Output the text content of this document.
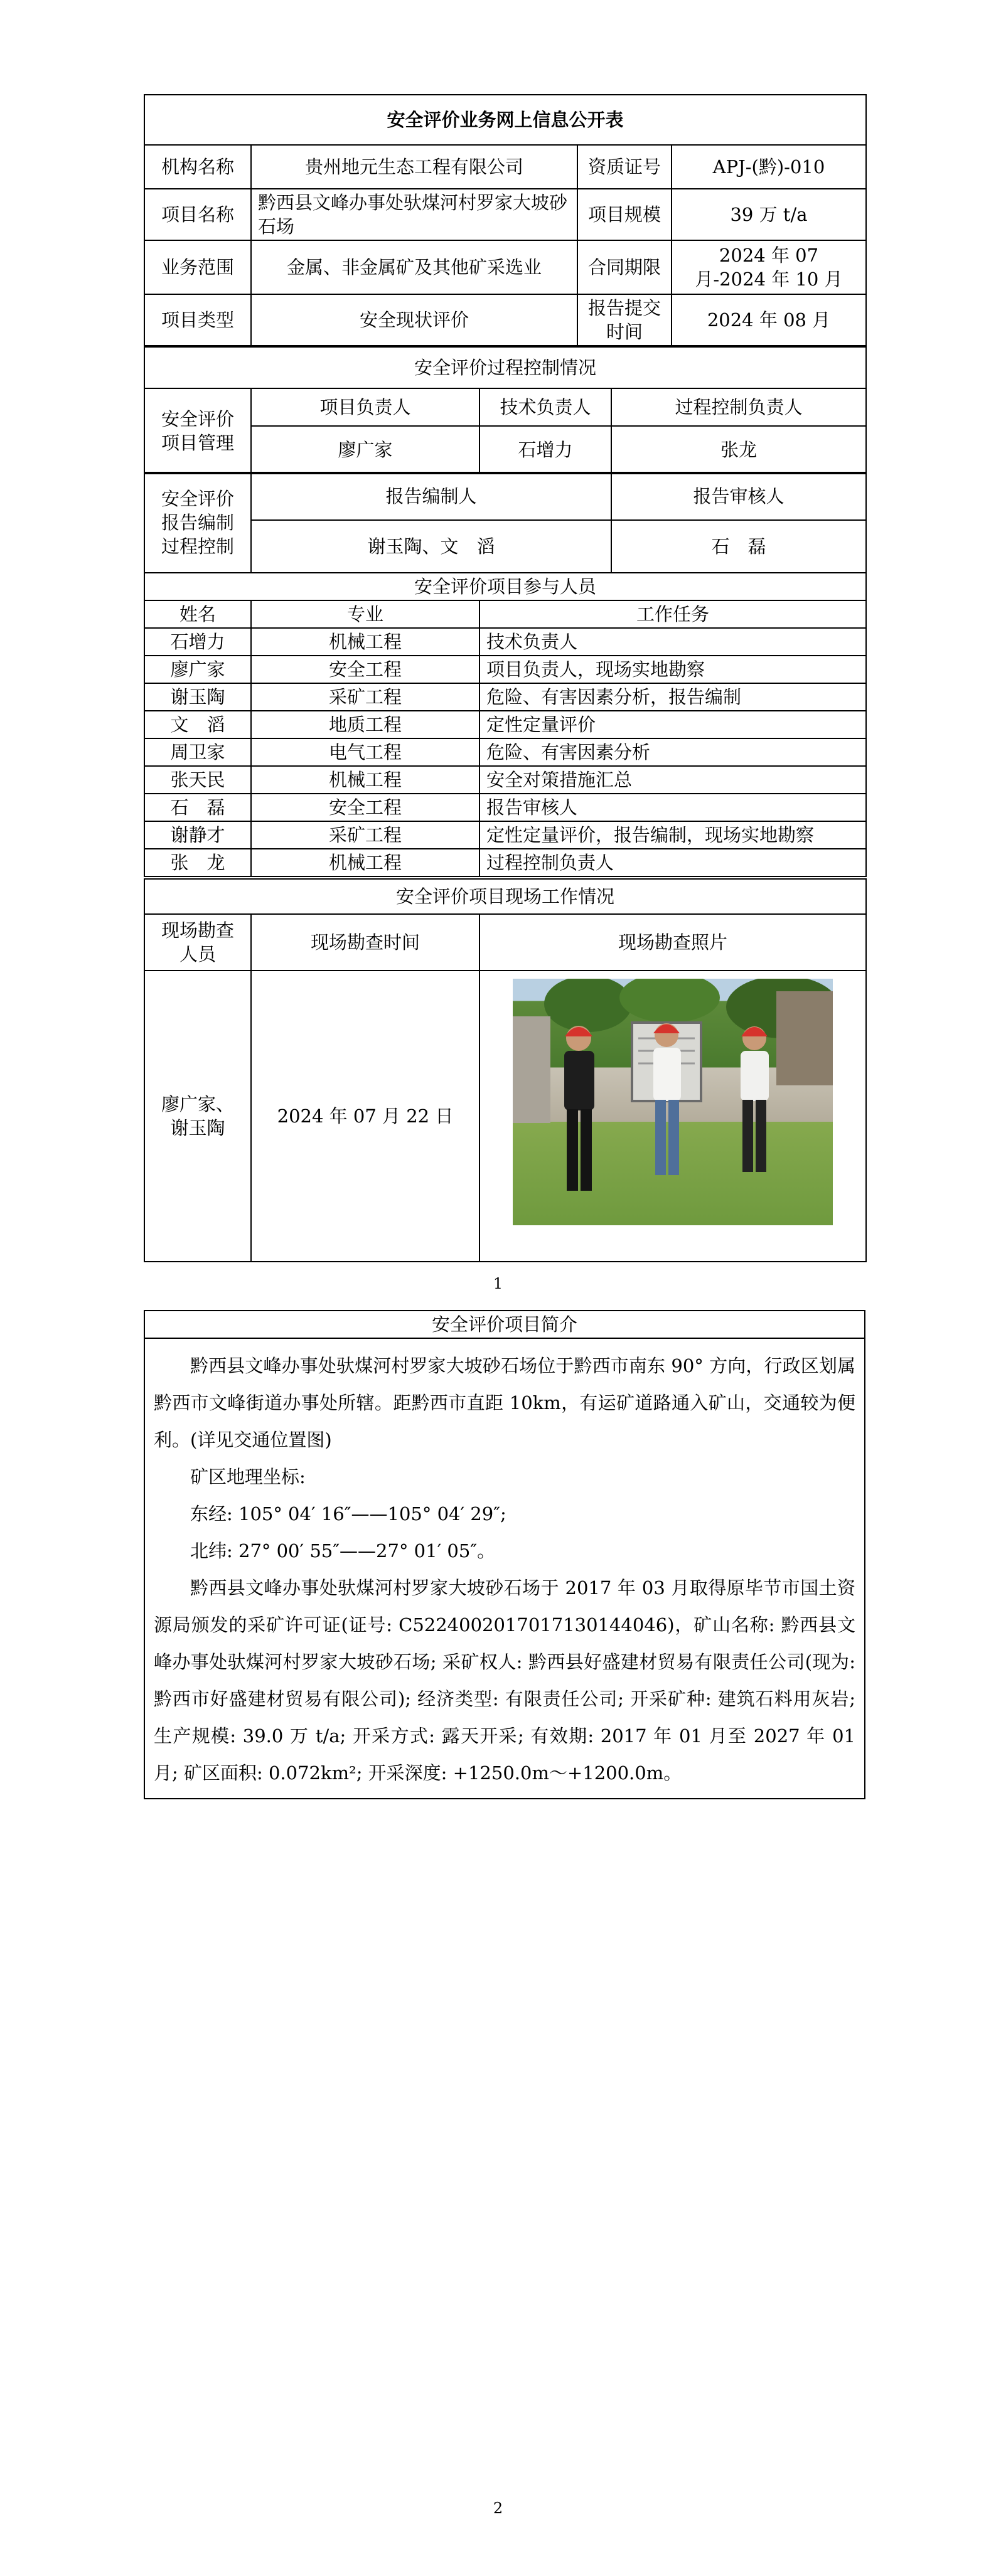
安全评价业务网上信息公开表			
机构名称	贵州地元生态工程有限公司	资质证号	APJ-(黔)-010
项目名称	黔西县文峰办事处驮煤河村罗家大坡砂石场	项目规模	39 万 t/a
业务范围	金属、非金属矿及其他矿采选业	合同期限	2024 年 07 月-2024 年 10 月
项目类型	安全现状评价	报告提交时间	2024 年 08 月
安全评价过程控制情况			
安全评价项目管理	项目负责人	技术负责人	过程控制负责人
	廖广家	石增力	张龙
安全评价报告编制过程控制	报告编制人	报告审核人
	谢玉陶、文　滔	石　磊
安全评价项目参与人员		
姓名	专业	工作任务
石增力	机械工程	技术负责人
廖广家	安全工程	项目负责人，现场实地勘察
谢玉陶	采矿工程	危险、有害因素分析，报告编制
文　滔	地质工程	定性定量评价
周卫家	电气工程	危险、有害因素分析
张天民	机械工程	安全对策措施汇总
石　磊	安全工程	报告审核人
谢静才	采矿工程	定性定量评价，报告编制，现场实地勘察
张　龙	机械工程	过程控制负责人
安全评价项目现场工作情况		
现场勘查人员	现场勘查时间	现场勘查照片
廖广家、谢玉陶	2024 年 07 月 22 日	
1
安全评价项目简介

黔西县文峰办事处驮煤河村罗家大坡砂石场位于黔西市南东 90° 方向，行政区划属黔西市文峰街道办事处所辖。距黔西市直距 10km，有运矿道路通入矿山，交通较为便利。(详见交通位置图)

矿区地理坐标:

东经: 105° 04′ 16″——105° 04′ 29″;

北纬: 27° 00′ 55″——27° 01′ 05″。

黔西县文峰办事处驮煤河村罗家大坡砂石场于 2017 年 03 月取得原毕节市国土资源局颁发的采矿许可证(证号: C5224002017017130144046)，矿山名称: 黔西县文峰办事处驮煤河村罗家大坡砂石场; 采矿权人: 黔西县好盛建材贸易有限责任公司(现为: 黔西市好盛建材贸易有限公司); 经济类型: 有限责任公司; 开采矿种: 建筑石料用灰岩; 生产规模: 39.0 万 t/a; 开采方式: 露天开采; 有效期: 2017 年 01 月至 2027 年 01 月; 矿区面积: 0.072km²; 开采深度: +1250.0m～+1200.0m。

2
